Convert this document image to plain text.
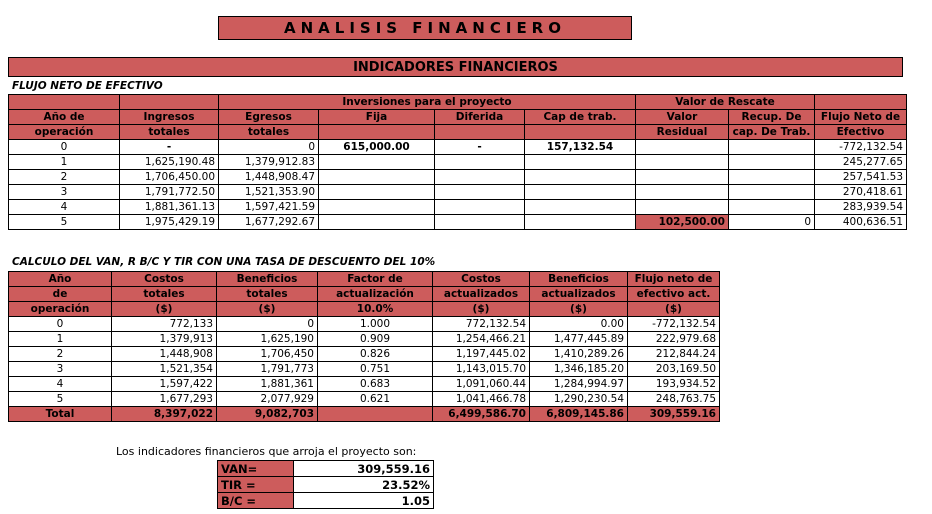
ANALISIS FINANCIERO
INDICADORES FINANCIEROS
FLUJO NETO DE EFECTIVO
		Inversiones para el proyecto				Valor de Rescate		
Año de	Ingresos	Egresos	Fija	Diferida	Cap de trab.	Valor	Recup. De	Flujo Neto de
operación	totales	totales				Residual	cap. De Trab.	Efectivo
0	-	0	615,000.00	-	157,132.54			-772,132.54
1	1,625,190.48	1,379,912.83						245,277.65
2	1,706,450.00	1,448,908.47						257,541.53
3	1,791,772.50	1,521,353.90						270,418.61
4	1,881,361.13	1,597,421.59						283,939.54
5	1,975,429.19	1,677,292.67				102,500.00	0	400,636.51
CALCULO DEL VAN, R B/C Y TIR CON UNA TASA DE DESCUENTO DEL 10%
Año	Costos	Beneficios	Factor de	Costos	Beneficios	Flujo neto de
de	totales	totales	actualización	actualizados	actualizados	efectivo act.
operación	($)	($)	10.0%	($)	($)	($)
0	772,133	0	1.000	772,132.54	0.00	-772,132.54
1	1,379,913	1,625,190	0.909	1,254,466.21	1,477,445.89	222,979.68
2	1,448,908	1,706,450	0.826	1,197,445.02	1,410,289.26	212,844.24
3	1,521,354	1,791,773	0.751	1,143,015.70	1,346,185.20	203,169.50
4	1,597,422	1,881,361	0.683	1,091,060.44	1,284,994.97	193,934.52
5	1,677,293	2,077,929	0.621	1,041,466.78	1,290,230.54	248,763.75
Total	8,397,022	9,082,703		6,499,586.70	6,809,145.86	309,559.16
Los indicadores financieros que arroja el proyecto son:
VAN=	309,559.16
TIR =	23.52%
B/C =	1.05
